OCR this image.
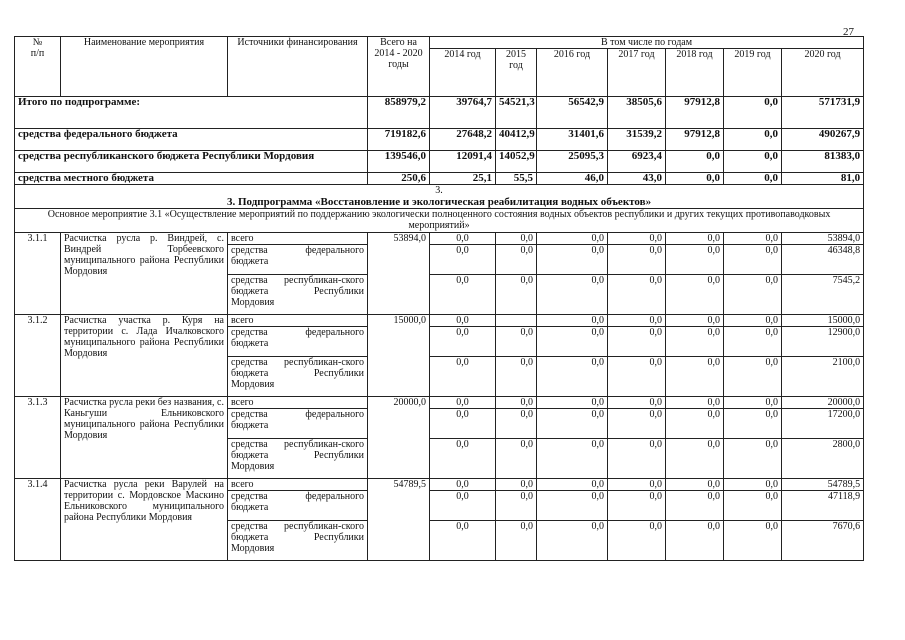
27
№
п/п	Наименование мероприятия	Источники финансирования	Всего на 2014 - 2020 годы	В том числе по годам						
				2014 год	2015 год	2016 год	2017 год	2018 год	2019 год	2020 год
Итого по подпрограмме:			858979,2	39764,7	54521,3	56542,9	38505,6	97912,8	0,0	571731,9
средства федерального бюджета			719182,6	27648,2	40412,9	31401,6	31539,2	97912,8	0,0	490267,9
средства республиканского бюджета Республики Мордовия			139546,0	12091,4	14052,9	25095,3	6923,4	0,0	0,0	81383,0
средства местного бюджета			250,6	25,1	55,5	46,0	43,0	0,0	0,0	81,0
3.										
3. Подпрограмма «Восстановление и экологическая реабилитация водных объектов»										
Основное мероприятие 3.1 «Осуществление мероприятий по поддержанию экологически полноценного состояния водных объектов республики и других текущих противопаводковых мероприятий»										
3.1.1	Расчистка русла р. Виндрей, с. Виндрей Торбеевского муниципального района Республики Мордовия	всего	53894,0	0,0	0,0	0,0	0,0	0,0	0,0	53894,0
		средства федерального бюджета		0,0	0,0	0,0	0,0	0,0	0,0	46348,8
		средства республикан-ского бюджета Республики Мордовия		0,0	0,0	0,0	0,0	0,0	0,0	7545,2
3.1.2	Расчистка участка р. Куря на территории с. Лада Ичалковского муниципального района Республики Мордовия	всего	15000,0	0,0		0,0	0,0	0,0	0,0	15000,0
		средства федерального бюджета		0,0	0,0	0,0	0,0	0,0	0,0	12900,0
		средства республикан-ского бюджета Республики Мордовия		0,0	0,0	0,0	0,0	0,0	0,0	2100,0
3.1.3	Расчистка русла реки без названия, с. Каньгуши Ельниковского муниципального района Республики Мордовия	всего	20000,0	0,0	0,0	0,0	0,0	0,0	0,0	20000,0
		средства федерального бюджета		0,0	0,0	0,0	0,0	0,0	0,0	17200,0
		средства республикан-ского бюджета Республики Мордовия		0,0	0,0	0,0	0,0	0,0	0,0	2800,0
3.1.4	Расчистка русла реки Варулей на территории с. Мордовское Маскино Ельниковского муниципального района Республики Мордовия	всего	54789,5	0,0	0,0	0,0	0,0	0,0	0,0	54789,5
		средства федерального бюджета		0,0	0,0	0,0	0,0	0,0	0,0	47118,9
		средства республикан-ского бюджета Республики Мордовия		0,0	0,0	0,0	0,0	0,0	0,0	7670,6
